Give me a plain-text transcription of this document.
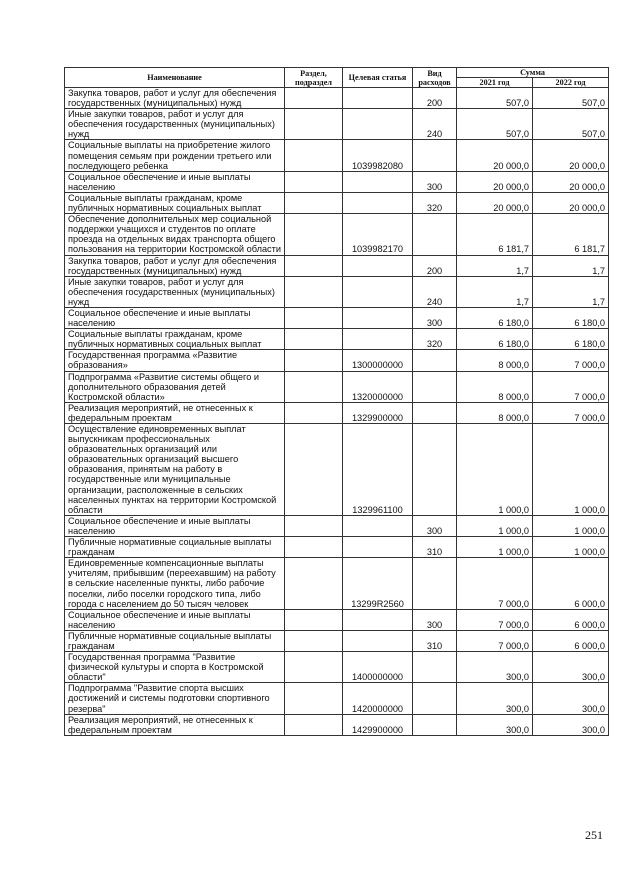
Наименование	Раздел, подраздел	Целевая статья	Вид расходов	Сумма	
				2021 год	2022 год
Закупка товаров, работ и услуг для обеспечения государственных (муниципальных) нужд			200	507,0	507,0
Иные закупки товаров, работ и услуг для обеспечения государственных (муниципальных) нужд			240	507,0	507,0
Социальные выплаты на приобретение жилого помещения семьям при рождении третьего или последующего ребенка		1039982080		20 000,0	20 000,0
Социальное обеспечение и иные выплаты населению			300	20 000,0	20 000,0
Социальные выплаты гражданам, кроме публичных нормативных социальных выплат			320	20 000,0	20 000,0
Обеспечение дополнительных мер социальной поддержки учащихся и студентов по оплате проезда на отдельных видах транспорта общего пользования на территории Костромской области		1039982170		6 181,7	6 181,7
Закупка товаров, работ и услуг для обеспечения государственных (муниципальных) нужд			200	1,7	1,7
Иные закупки товаров, работ и услуг для обеспечения государственных (муниципальных) нужд			240	1,7	1,7
Социальное обеспечение и иные выплаты населению			300	6 180,0	6 180,0
Социальные выплаты гражданам, кроме публичных нормативных социальных выплат			320	6 180,0	6 180,0
Государственная программа «Развитие образования»		1300000000		8 000,0	7 000,0
Подпрограмма «Развитие системы общего и дополнительного образования детей Костромской области»		1320000000		8 000,0	7 000,0
Реализация мероприятий, не отнесенных к федеральным проектам		1329900000		8 000,0	7 000,0
Осуществление единовременных выплат выпускникам профессиональных образовательных организаций или образовательных организаций высшего образования, принятым на работу в государственные или муниципальные организации, расположенные в сельских населенных пунктах на территории Костромской области		1329961100		1 000,0	1 000,0
Социальное обеспечение и иные выплаты населению			300	1 000,0	1 000,0
Публичные нормативные социальные выплаты гражданам			310	1 000,0	1 000,0
Единовременные компенсационные выплаты учителям, прибывшим (переехавшим) на работу в сельские населенные пункты, либо рабочие поселки, либо поселки городского типа, либо города с населением до 50 тысяч человек		13299R2560		7 000,0	6 000,0
Социальное обеспечение и иные выплаты населению			300	7 000,0	6 000,0
Публичные нормативные социальные выплаты гражданам			310	7 000,0	6 000,0
Государственная программа "Развитие физической культуры и спорта в Костромской области"		1400000000		300,0	300,0
Подпрограмма "Развитие спорта высших достижений и системы подготовки спортивного резерва"		1420000000		300,0	300,0
Реализация мероприятий, не отнесенных к федеральным проектам		1429900000		300,0	300,0
251
